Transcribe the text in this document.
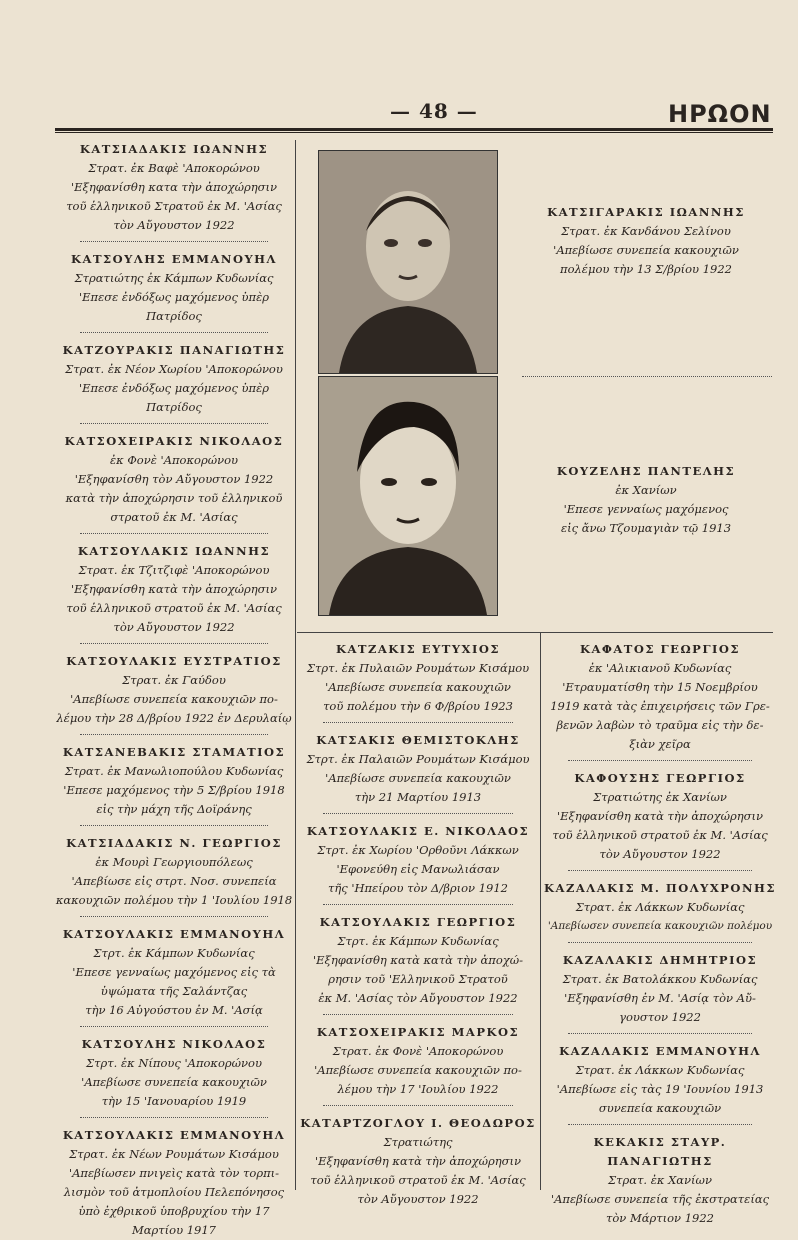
— 48 —	ΗΡΩΟΝ
ΚΑΤΣΙΑΔΑΚΙΣ ΙΩΑΝΝΗΣ
Στρατ. ἐκ Βαφὲ 'Αποκορώνου
'Εξηφανίσθη κατα τὴν ἀποχώρησιν
τοῦ ἑλληνικοῦ Στρατοῦ ἐκ Μ. 'Ασίας
τὸν Αὔγουστον 1922
ΚΑΤΣΟΥΛΗΣ ΕΜΜΑΝΟΥΗΛ
Στρατιώτης ἐκ Κάμπων Κυδωνίας
'Επεσε ἐνδόξως μαχόμενος ὑπὲρ Πατρίδος
ΚΑΤΖΟΥΡΑΚΙΣ ΠΑΝΑΓΙΩΤΗΣ
Στρατ. ἐκ Νέον Χωρίου 'Αποκορώνου
'Επεσε ἐνδόξως μαχόμενος ὑπὲρ Πατρίδος
ΚΑΤΣΟΧΕΙΡΑΚΙΣ ΝΙΚΟΛΑΟΣ
ἐκ Φονὲ 'Αποκορώνου
'Εξηφανίσθη τὸν Αὔγουστον 1922
κατὰ τὴν ἀποχώρησιν τοῦ ἑλληνικοῦ
στρατοῦ ἐκ Μ. 'Ασίας
ΚΑΤΣΟΥΛΑΚΙΣ ΙΩΑΝΝΗΣ
Στρατ. ἐκ Τζιτζιφὲ 'Αποκορώνου
'Εξηφανίσθη κατὰ τὴν ἀποχώρησιν
τοῦ ἑλληνικοῦ στρατοῦ ἐκ Μ. 'Ασίας
τὸν Αὔγουστον 1922
ΚΑΤΣΟΥΛΑΚΙΣ ΕΥΣΤΡΑΤΙΟΣ
Στρατ. ἐκ Γαύδου
'Απεβίωσε συνεπεία κακουχιῶν πο-
λέμου τὴν 28 Δ/βρίου 1922 ἐν Δερυλαίῳ
ΚΑΤΣΑΝΕΒΑΚΙΣ ΣΤΑΜΑΤΙΟΣ
Στρατ. ἐκ Μανωλιοπούλου Κυδωνίας
'Επεσε μαχόμενος τὴν 5 Σ/βρίου 1918
εἰς τὴν μάχη τῆς Δοϊράνης
ΚΑΤΣΙΑΔΑΚΙΣ Ν. ΓΕΩΡΓΙΟΣ
ἐκ Μουρὶ Γεωργιουπόλεως
'Απεβίωσε εἰς στρτ. Νοσ. συνεπεία
κακουχιῶν πολέμου τὴν 1 'Ιουλίου 1918
ΚΑΤΣΟΥΛΑΚΙΣ ΕΜΜΑΝΟΥΗΛ
Στρτ. ἐκ Κάμπων Κυδωνίας
'Επεσε γενναίως μαχόμενος εἰς τὰ
ὑψώματα τῆς Σαλάντζας
τὴν 16 Αὐγούστου ἐν Μ. 'Ασίᾳ
ΚΑΤΣΟΥΛΗΣ ΝΙΚΟΛΑΟΣ
Στρτ. ἐκ Νίπους 'Αποκορώνου
'Απεβίωσε συνεπεία κακουχιῶν
τὴν 15 'Ιανουαρίου 1919
ΚΑΤΣΟΥΛΑΚΙΣ ΕΜΜΑΝΟΥΗΛ
Στρατ. ἐκ Νέων Ρουμάτων Κισάμου
'Απεβίωσεν πνιγεὶς κατὰ τὸν τορπι-
λισμὸν τοῦ ἀτμοπλοίου Πελεπόνησος
ὑπὸ ἐχθρικοῦ ὑποβρυχίου τὴν 17
Μαρτίου 1917
ΚΑΤΣΙΓΑΡΑΚΙΣ ΙΩΑΝΝΗΣ
Στρατ. ἐκ Κανδάνου Σελίνου
'Απεβίωσε συνεπεία κακουχιῶν
πολέμου τὴν 13 Σ/βρίου 1922
ΚΟΥΖΕΛΗΣ ΠΑΝΤΕΛΗΣ
ἐκ Χανίων
'Επεσε γενναίως μαχόμενος
εἰς ἄνω Τζουμαγιὰν τῷ 1913
ΚΑΤΖΑΚΙΣ ΕΥΤΥΧΙΟΣ
Στρτ. ἐκ Πυλαιῶν Ρουμάτων Κισάμου
'Απεβίωσε συνεπεία κακουχιῶν
τοῦ πολέμου τὴν 6 Φ/βρίου 1923
ΚΑΤΣΑΚΙΣ ΘΕΜΙΣΤΟΚΛΗΣ
Στρτ. ἐκ Παλαιῶν Ρουμάτων Κισάμου
'Απεβίωσε συνεπεία κακουχιῶν
τὴν 21 Μαρτίου 1913
ΚΑΤΣΟΥΛΑΚΙΣ Ε. ΝΙΚΟΛΑΟΣ
Στρτ. ἐκ Χωρίου 'Ορθοῦνι Λάκκων
'Εφονεύθη εἰς Μανωλιάσαν
τῆς 'Ηπείρου τὸν Δ/βριον 1912
ΚΑΤΣΟΥΛΑΚΙΣ ΓΕΩΡΓΙΟΣ
Στρτ. ἐκ Κάμπων Κυδωνίας
'Εξηφανίσθη κατὰ κατὰ τὴν ἀποχώ-
ρησιν τοῦ 'Ελληνικοῦ Στρατοῦ
ἐκ Μ. 'Ασίας τὸν Αὔγουστον 1922
ΚΑΤΣΟΧΕΙΡΑΚΙΣ ΜΑΡΚΟΣ
Στρατ. ἐκ Φονὲ 'Αποκορώνου
'Απεβίωσε συνεπεία κακουχιῶν πο-
λέμου τὴν 17 'Ιουλίου 1922
ΚΑΤΑΡΤΖΟΓΛΟΥ Ι. ΘΕΟΔΩΡΟΣ
Στρατιώτης
'Εξηφανίσθη κατὰ τὴν ἀποχώρησιν
τοῦ ἑλληνικοῦ στρατοῦ ἐκ Μ. 'Ασίας
τὸν Αὔγουστον 1922
ΚΑΦΑΤΟΣ ΓΕΩΡΓΙΟΣ
ἐκ 'Αλικιανοῦ Κυδωνίας
'Ετραυματίσθη τὴν 15 Νοεμβρίου
1919 κατὰ τὰς ἐπιχειρήσεις τῶν Γρε-
βενῶν λαβὼν τὸ τραῦμα εἰς τὴν δε-
ξιὰν χεῖρα
ΚΑΦΟΥΣΗΣ ΓΕΩΡΓΙΟΣ
Στρατιώτης ἐκ Χανίων
'Εξηφανίσθη κατὰ τὴν ἀποχώρησιν
τοῦ ἑλληνικοῦ στρατοῦ ἐκ Μ. 'Ασίας
τὸν Αὔγουστον 1922
ΚΑΖΑΛΑΚΙΣ Μ. ΠΟΛΥΧΡΟΝΗΣ
Στρατ. ἐκ Λάκκων Κυδωνίας
'Απεβίωσεν συνεπεία κακουχιῶν πολέμου
ΚΑΖΑΛΑΚΙΣ ΔΗΜΗΤΡΙΟΣ
Στρατ. ἐκ Βατολάκκου Κυδωνίας
'Εξηφανίσθη ἐν Μ. 'Ασίᾳ τὸν Αὔ-
γουστον 1922
ΚΑΖΑΛΑΚΙΣ ΕΜΜΑΝΟΥΗΛ
Στρατ. ἐκ Λάκκων Κυδωνίας
'Απεβίωσε εἰς τὰς 19 'Ιουνίου 1913
συνεπεία κακουχιῶν
ΚΕΚΑΚΙΣ ΣΤΑΥΡ. ΠΑΝΑΓΙΩΤΗΣ
Στρατ. ἐκ Χανίων
'Απεβίωσε συνεπεία τῆς ἐκστρατείας
τὸν Μάρτιον 1922
